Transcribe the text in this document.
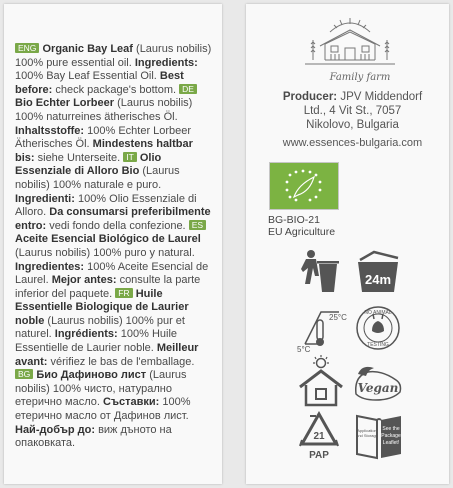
ENG Organic Bay Leaf (Laurus nobilis) 100% pure essential oil. Ingredients: 100% Bay Leaf Essential Oil. Best before: check package's bottom. DE Bio Echter Lorbeer (Laurus nobilis) 100% naturreines ätherisches Öl. Inhaltsstoffe: 100% Echter Lorbeer Ätherisches Öl. Mindestens haltbar bis: siehe Unterseite. IT Olio Essenziale di Alloro Bio (Laurus nobilis) 100% naturale e puro. Ingredienti: 100% Olio Essenziale di Alloro. Da consumarsi preferibilmente entro: vedi fondo della confezione. ES Aceite Esencial Biológico de Laurel (Laurus nobilis) 100% puro y natural. Ingredientes: 100% Aceite Esencial de Laurel. Mejor antes: consulte la parte inferior del paquete. FR Huile Essentielle Biologique de Laurier noble (Laurus nobilis) 100% pur et naturel. Ingrédients: 100% Huile Essentielle de Laurier noble. Meilleur avant: vérifiez le bas de l'emballage. BG Био Дафиново лист (Laurus nobilis) 100% чисто, натурално етерично масло. Съставки: 100% етерично масло от Дафинов лист. Най-добър до: виж дъното на опаковката.
Family farm
Producer: JPV Middendorf
Ltd., 4 Vit St., 7057
Nikolovo, Bulgaria
www.essences-bulgaria.com
BG-BIO-21
EU Agriculture
24m
25°C
5°C
NO ANIMAL
TESTING
Vegan
21
PAP
Application
and Storage
See the
Package
Leaflet!
